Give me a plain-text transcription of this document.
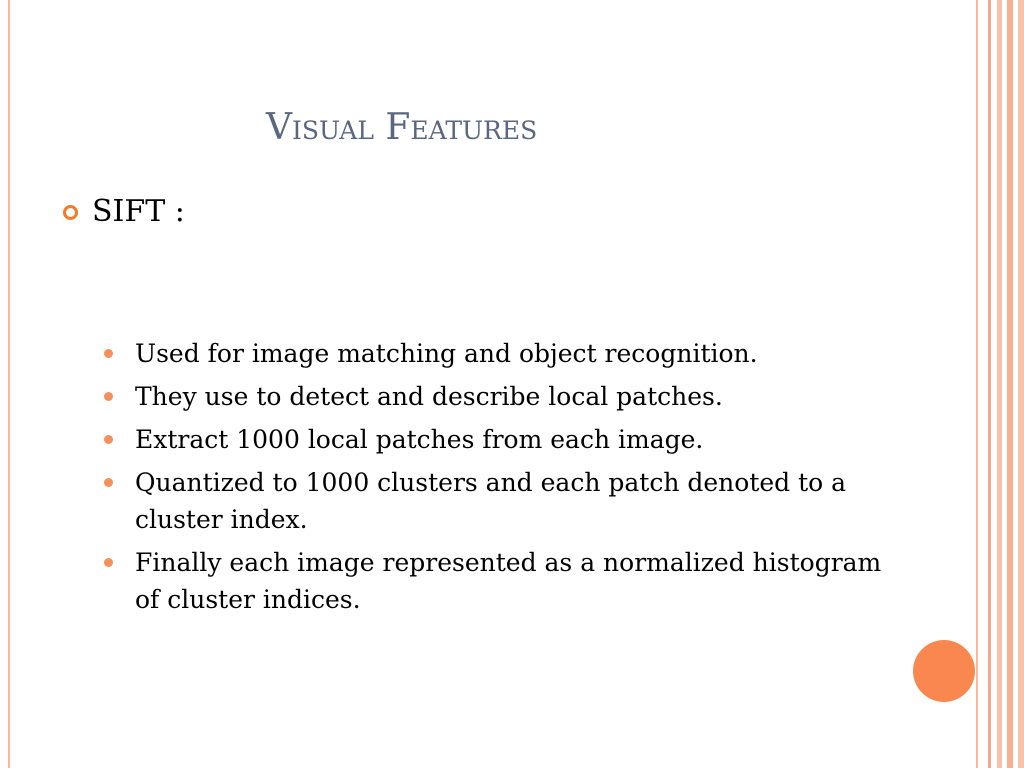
Visual Features
SIFT :
Used for image matching and object recognition.
They use to detect and describe local patches.
Extract 1000 local patches from each image.
Quantized to 1000 clusters and each patch denoted to a cluster index.
Finally each image represented as a normalized histogram of cluster indices.
